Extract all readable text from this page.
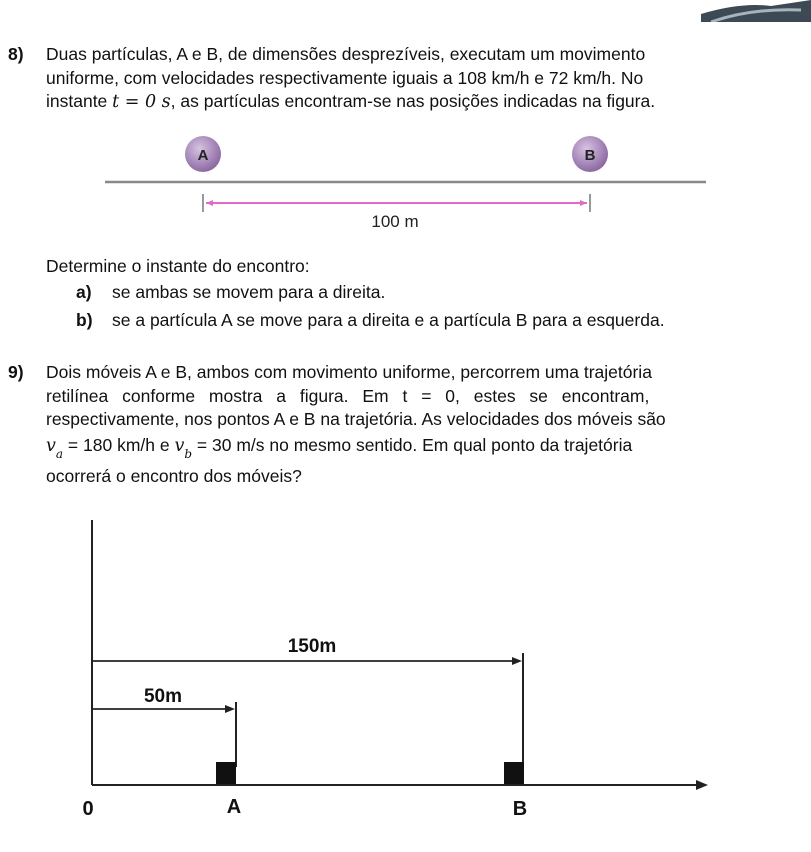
8) Duas partículas, A e B, de dimensões desprezíveis, executam um movimento

uniforme, com velocidades respectivamente iguais a 108 km/h e 72 km/h. No

instante t = 0 s, as partículas encontram-se nas posições indicadas na figura.

A	B
100 m
Determine o instante do encontro:
a) se ambas se movem para a direita.
b) se a partícula A se move para a direita e a partícula B para a esquerda.
9) Dois móveis A e B, ambos com movimento uniforme, percorrem uma trajetória

retilínea conforme mostra a figura. Em t = 0, estes se encontram,

respectivamente, nos pontos A e B na trajetória. As velocidades dos móveis são

$v_a = 180$ km/h e $v_b = 30$ m/s no mesmo sentido. Em qual ponto da trajetória

ocorrerá o encontro dos móveis?

150m
50m
0	A	B
